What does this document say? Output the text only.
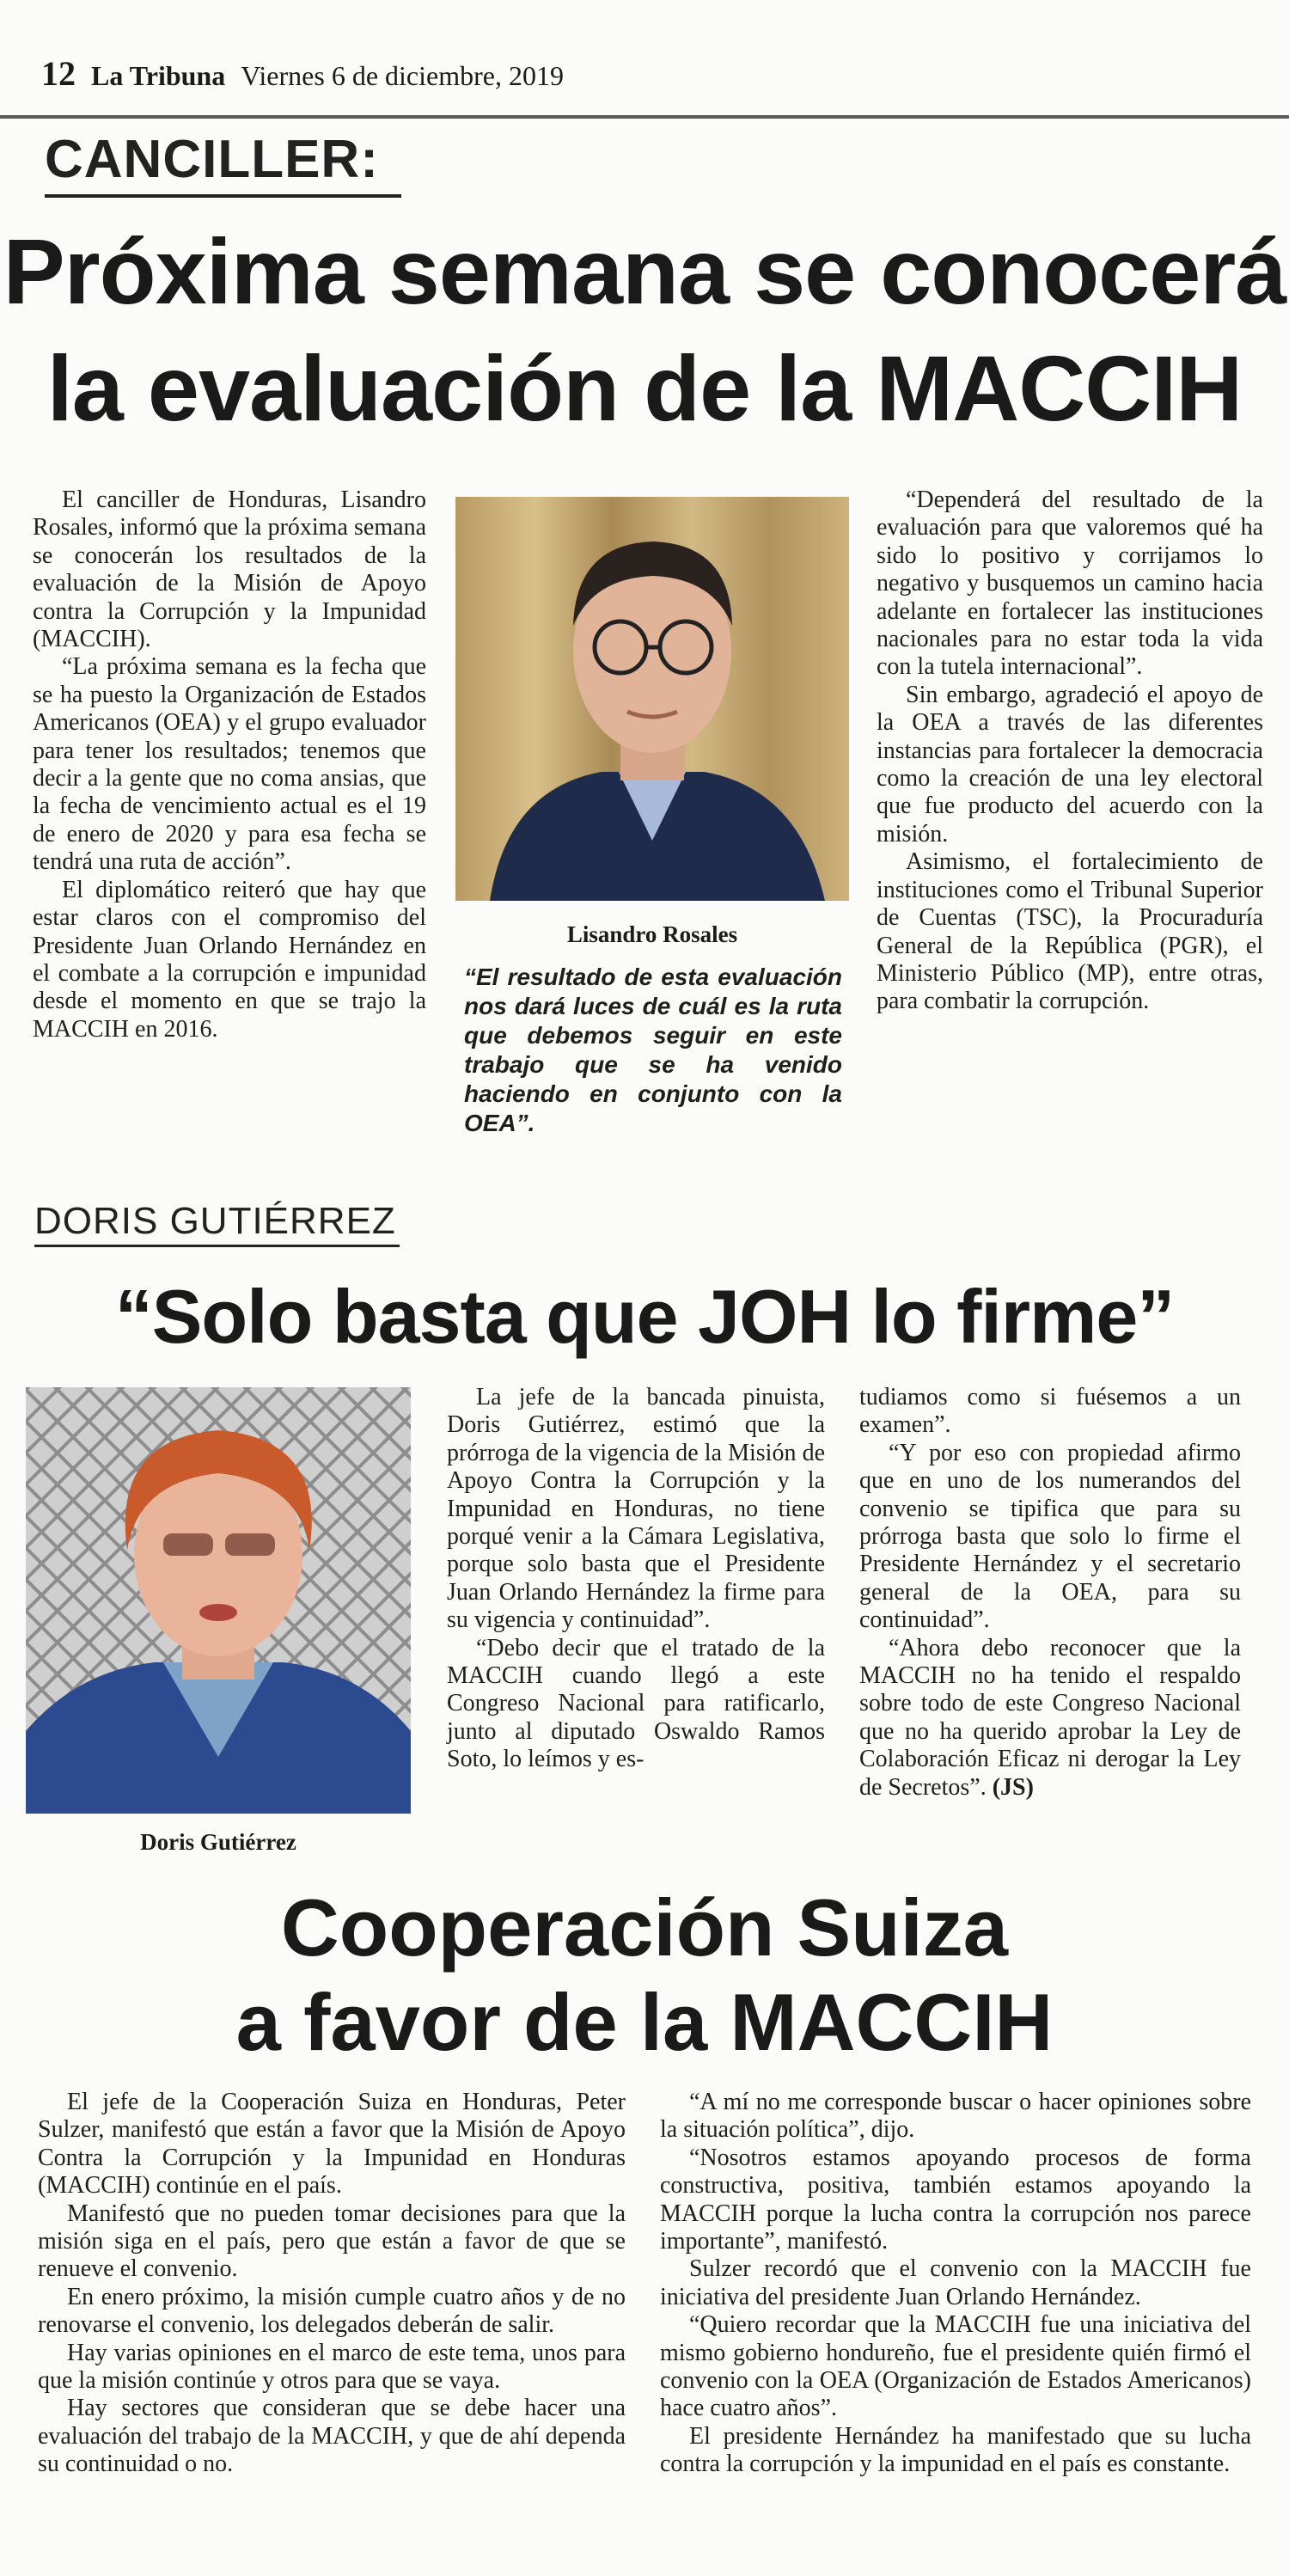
12 La Tribuna Viernes 6 de diciembre, 2019
CANCILLER:
Próxima semana se conocerá
la evaluación de la MACCIH

El canciller de Honduras, Lisandro Rosales, informó que la próxima semana se conocerán los resultados de la evaluación de la Misión de Apoyo contra la Corrupción y la Impunidad (MACCIH).

“La próxima semana es la fecha que se ha puesto la Organización de Estados Americanos (OEA) y el grupo evaluador para tener los resultados; tenemos que decir a la gente que no coma ansias, que la fecha de vencimiento actual es el 19 de enero de 2020 y para esa fecha se tendrá una ruta de acción”.

El diplomático reiteró que hay que estar claros con el compromiso del Presidente Juan Orlando Hernández en el combate a la corrupción e impunidad desde el momento en que se trajo la MACCIH en 2016.

Lisandro Rosales
“El resultado de esta evaluación nos dará luces de cuál es la ruta que debemos seguir en este trabajo que se ha venido haciendo en conjunto con la OEA”.

“Dependerá del resultado de la evaluación para que valoremos qué ha sido lo positivo y corrijamos lo negativo y busquemos un camino hacia adelante en fortalecer las instituciones nacionales para no estar toda la vida con la tutela internacional”.

Sin embargo, agradeció el apoyo de la OEA a través de las diferentes instancias para fortalecer la democracia como la creación de una ley electoral que fue producto del acuerdo con la misión.

Asimismo, el fortalecimiento de instituciones como el Tribunal Superior de Cuentas (TSC), la Procuraduría General de la República (PGR), el Ministerio Público (MP), entre otras, para combatir la corrupción.

DORIS GUTIÉRREZ
“Solo basta que JOH lo firme”
Doris Gutiérrez

La jefe de la bancada pinuista, Doris Gutiérrez, estimó que la prórroga de la vigencia de la Misión de Apoyo Contra la Corrupción y la Impunidad en Honduras, no tiene porqué venir a la Cámara Legislativa, porque solo basta que el Presidente Juan Orlando Hernández la firme para su vigencia y continuidad”.

“Debo decir que el tratado de la MACCIH cuando llegó a este Congreso Nacional para ratificarlo, junto al diputado Oswaldo Ramos Soto, lo leímos y es-

tudiamos como si fuésemos a un examen”.

“Y por eso con propiedad afirmo que en uno de los numerandos del convenio se tipifica que para su prórroga basta que solo lo firme el Presidente Hernández y el secretario general de la OEA, para su continuidad”.

“Ahora debo reconocer que la MACCIH no ha tenido el respaldo sobre todo de este Congreso Nacional que no ha querido aprobar la Ley de Colaboración Eficaz ni derogar la Ley de Secretos”. (JS)

Cooperación Suiza
a favor de la MACCIH

El jefe de la Cooperación Suiza en Honduras, Peter Sulzer, manifestó que están a favor que la Misión de Apoyo Contra la Corrupción y la Impunidad en Honduras (MACCIH) continúe en el país.

Manifestó que no pueden tomar decisiones para que la misión siga en el país, pero que están a favor de que se renueve el convenio.

En enero próximo, la misión cumple cuatro años y de no renovarse el convenio, los delegados deberán de salir.

Hay varias opiniones en el marco de este tema, unos para que la misión continúe y otros para que se vaya.

Hay sectores que consideran que se debe hacer una evaluación del trabajo de la MACCIH, y que de ahí dependa su continuidad o no.

“A mí no me corresponde buscar o hacer opiniones sobre la situación política”, dijo.

“Nosotros estamos apoyando procesos de forma constructiva, positiva, también estamos apoyando la MACCIH porque la lucha contra la corrupción nos parece importante”, manifestó.

Sulzer recordó que el convenio con la MACCIH fue iniciativa del presidente Juan Orlando Hernández.

“Quiero recordar que la MACCIH fue una iniciativa del mismo gobierno hondureño, fue el presidente quién firmó el convenio con la OEA (Organización de Estados Americanos) hace cuatro años”.

El presidente Hernández ha manifestado que su lucha contra la corrupción y la impunidad en el país es constante.
